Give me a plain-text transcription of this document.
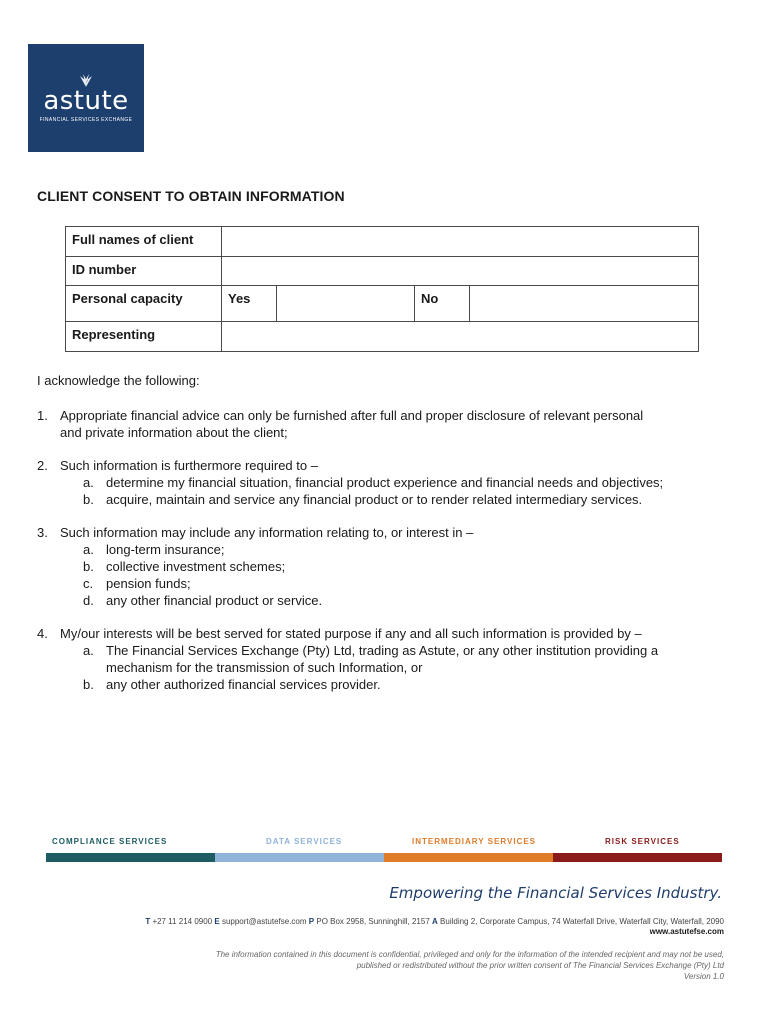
astute
FINANCIAL SERVICES EXCHANGE
CLIENT CONSENT TO OBTAIN INFORMATION
Full names of client				
ID number				
Personal capacity	Yes		No	
Representing				
I acknowledge the following:
1. Appropriate financial advice can only be furnished after full and proper disclosure of relevant personal and private information about the client;
2. Such information is furthermore required to –
a. determine my financial situation, financial product experience and financial needs and objectives;
b. acquire, maintain and service any financial product or to render related intermediary services.
3. Such information may include any information relating to, or interest in –
a. long-term insurance;
b. collective investment schemes;
c. pension funds;
d. any other financial product or service.
4. My/our interests will be best served for stated purpose if any and all such information is provided by –
a. The Financial Services Exchange (Pty) Ltd, trading as Astute, or any other institution providing a mechanism for the transmission of such Information, or
b. any other authorized financial services provider.
COMPLIANCE SERVICES	DATA SERVICES	INTERMEDIARY SERVICES	RISK SERVICES
Empowering the Financial Services Industry.
T +27 11 214 0900 E support@astutefse.com P PO Box 2958, Sunninghill, 2157 A Building 2, Corporate Campus, 74 Waterfall Drive, Waterfall City, Waterfall, 2090
www.astutefse.com
The information contained in this document is confidential, privileged and only for the information of the intended recipient and may not be used,
published or redistributed without the prior written consent of The Financial Services Exchange (Pty) Ltd
Version 1.0
